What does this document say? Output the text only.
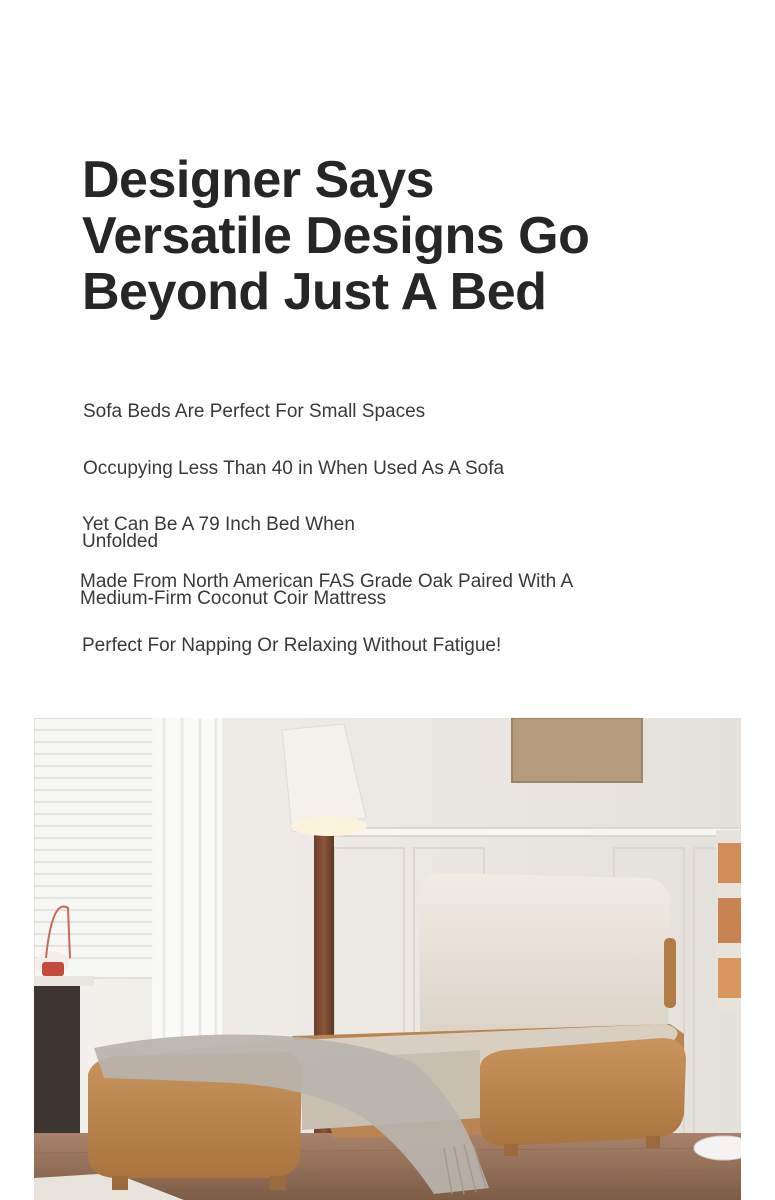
Designer Says
Versatile Designs Go
Beyond Just A Bed

Sofa Beds Are Perfect For Small Spaces

Occupying Less Than 40 in When Used As A Sofa

Yet Can Be A 79 Inch Bed When
Unfolded

Made From North American FAS Grade Oak Paired With A
Medium-Firm Coconut Coir Mattress

Perfect For Napping Or Relaxing Without Fatigue!
